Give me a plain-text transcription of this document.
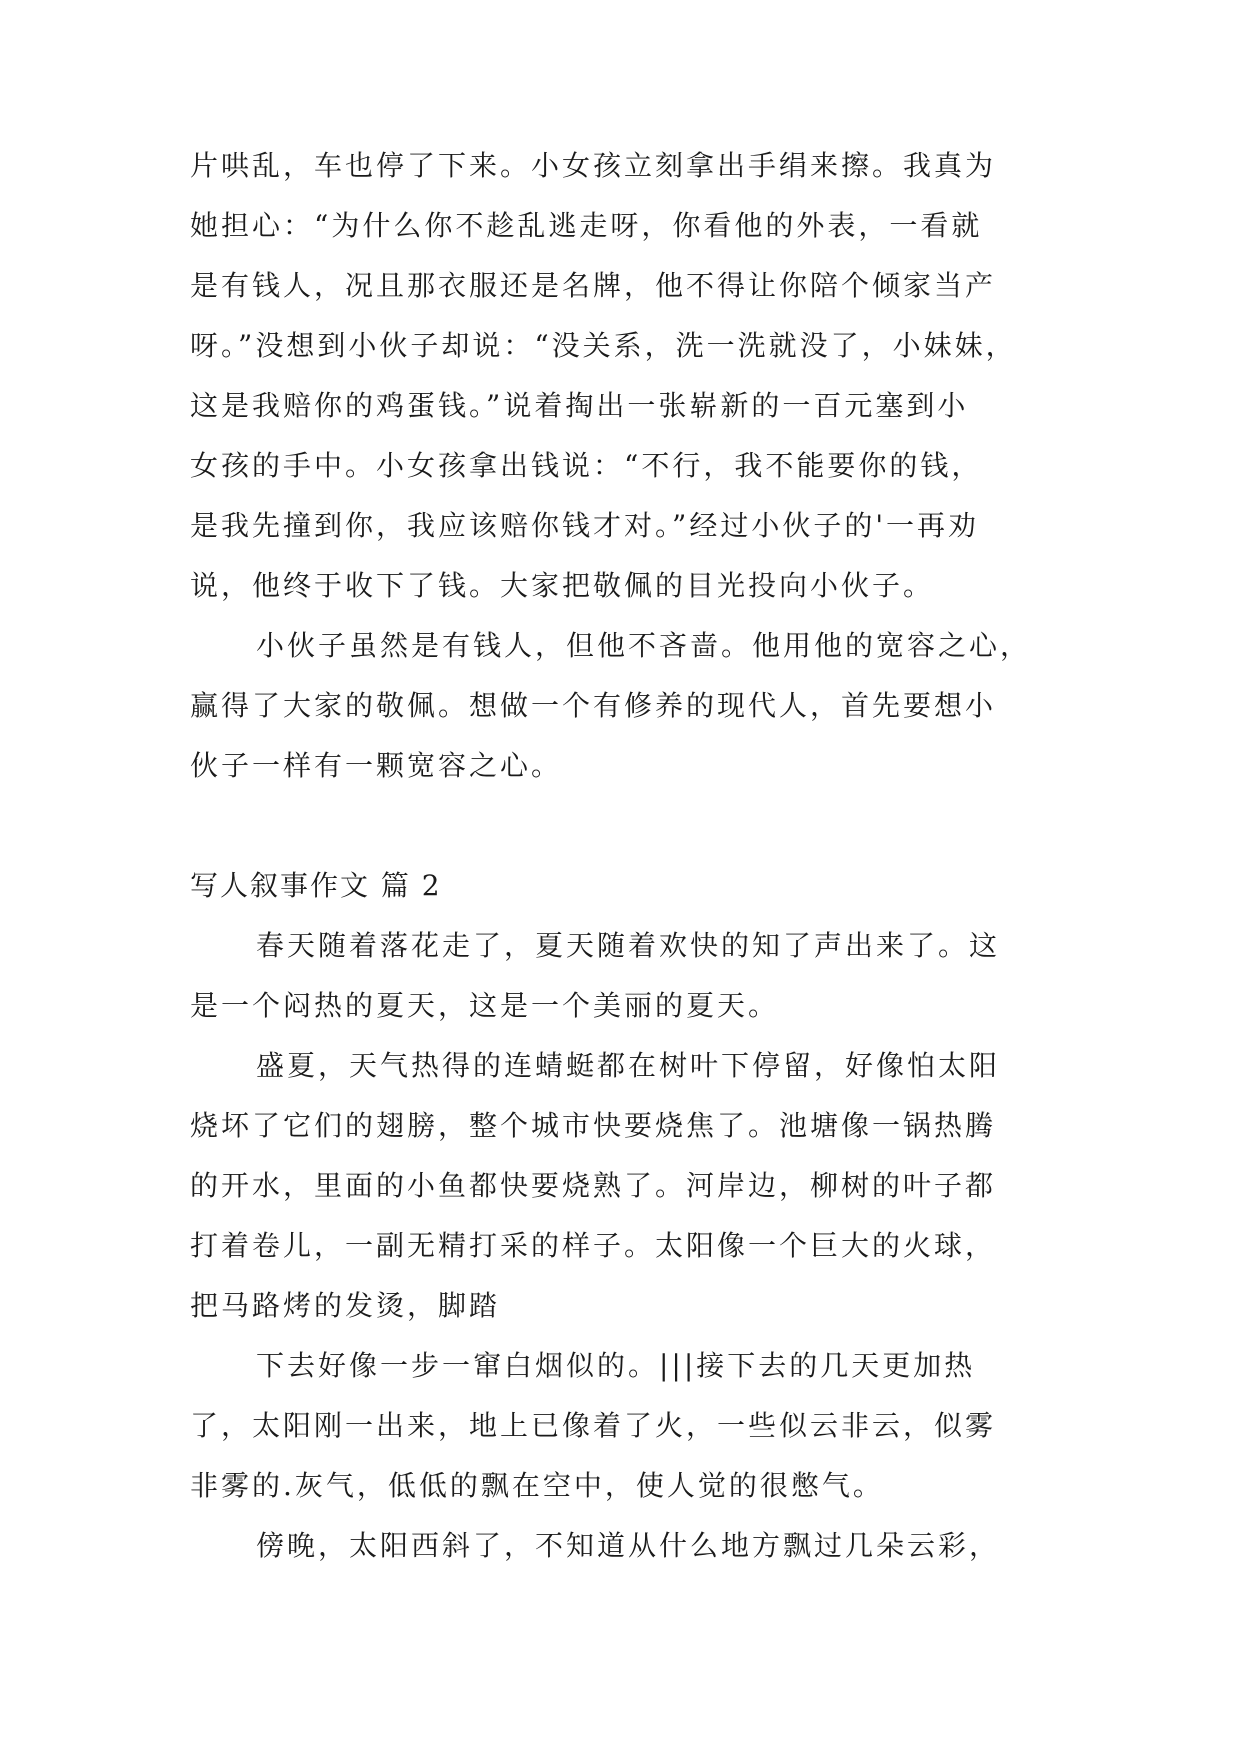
片哄乱，车也停了下来。小女孩立刻拿出手绢来擦。我真为
她担心：“为什么你不趁乱逃走呀，你看他的外表，一看就
是有钱人，况且那衣服还是名牌，他不得让你陪个倾家当产
呀。”没想到小伙子却说：“没关系，洗一洗就没了，小妹妹，
这是我赔你的鸡蛋钱。”说着掏出一张崭新的一百元塞到小
女孩的手中。小女孩拿出钱说：“不行，我不能要你的钱，
是我先撞到你，我应该赔你钱才对。”经过小伙子的'一再劝
说，他终于收下了钱。大家把敬佩的目光投向小伙子。
小伙子虽然是有钱人，但他不吝啬。他用他的宽容之心，
赢得了大家的敬佩。想做一个有修养的现代人，首先要想小
伙子一样有一颗宽容之心。
写人叙事作文 篇 2
春天随着落花走了，夏天随着欢快的知了声出来了。这
是一个闷热的夏天，这是一个美丽的夏天。
盛夏，天气热得的连蜻蜓都在树叶下停留，好像怕太阳
烧坏了它们的翅膀，整个城市快要烧焦了。池塘像一锅热腾
的开水，里面的小鱼都快要烧熟了。河岸边，柳树的叶子都
打着卷儿，一副无精打采的样子。太阳像一个巨大的火球，
把马路烤的发烫，脚踏
下去好像一步一窜白烟似的。|||接下去的几天更加热
了，太阳刚一出来，地上已像着了火，一些似云非云，似雾
非雾的.灰气，低低的飘在空中，使人觉的很憋气。
傍晚，太阳西斜了，不知道从什么地方飘过几朵云彩，
